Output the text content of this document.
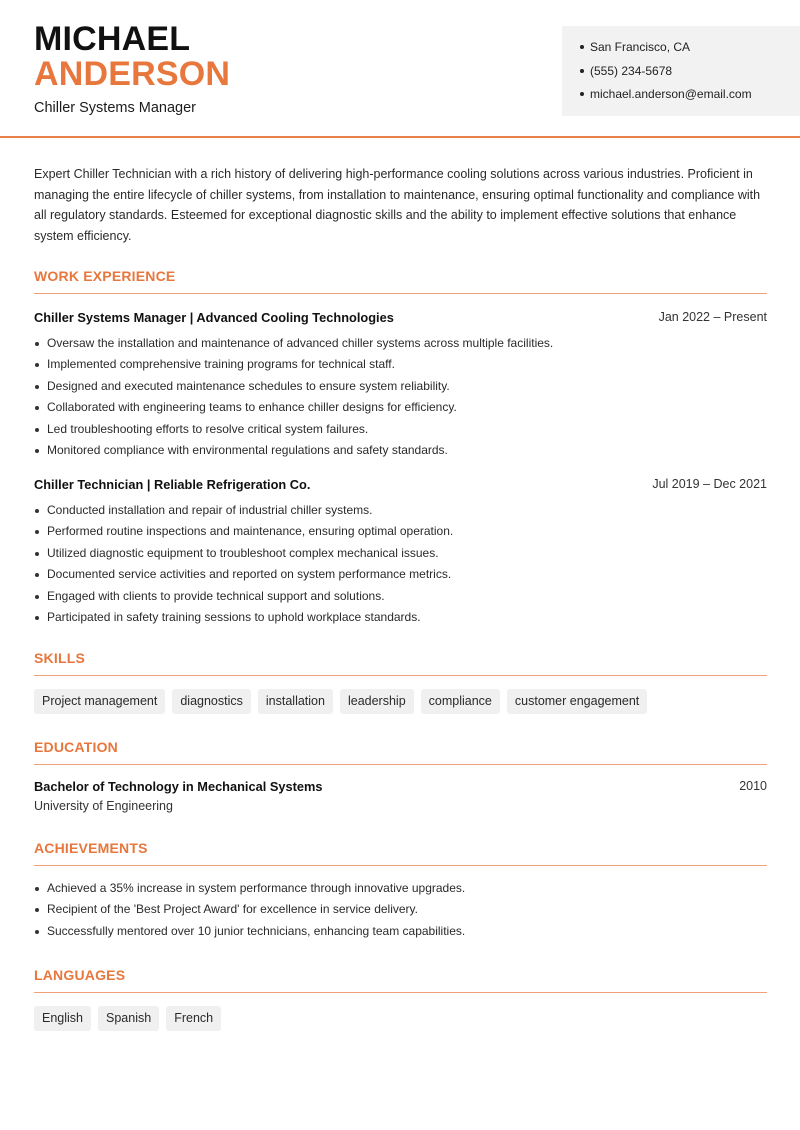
MICHAEL
ANDERSON
Chiller Systems Manager
San Francisco, CA
(555) 234-5678
michael.anderson@email.com

Expert Chiller Technician with a rich history of delivering high-performance cooling solutions across various industries. Proficient in managing the entire lifecycle of chiller systems, from installation to maintenance, ensuring optimal functionality and compliance with all regulatory standards. Esteemed for exceptional diagnostic skills and the ability to implement effective solutions that enhance system efficiency.

WORK EXPERIENCE
Chiller Systems Manager | Advanced Cooling Technologies	Jan 2022 – Present
Oversaw the installation and maintenance of advanced chiller systems across multiple facilities.
Implemented comprehensive training programs for technical staff.
Designed and executed maintenance schedules to ensure system reliability.
Collaborated with engineering teams to enhance chiller designs for efficiency.
Led troubleshooting efforts to resolve critical system failures.
Monitored compliance with environmental regulations and safety standards.
Chiller Technician | Reliable Refrigeration Co.	Jul 2019 – Dec 2021
Conducted installation and repair of industrial chiller systems.
Performed routine inspections and maintenance, ensuring optimal operation.
Utilized diagnostic equipment to troubleshoot complex mechanical issues.
Documented service activities and reported on system performance metrics.
Engaged with clients to provide technical support and solutions.
Participated in safety training sessions to uphold workplace standards.
SKILLS
Project management	diagnostics	installation	leadership	compliance	customer engagement
EDUCATION
Bachelor of Technology in Mechanical Systems	2010
University of Engineering
ACHIEVEMENTS
Achieved a 35% increase in system performance through innovative upgrades.
Recipient of the 'Best Project Award' for excellence in service delivery.
Successfully mentored over 10 junior technicians, enhancing team capabilities.
LANGUAGES
English	Spanish	French
